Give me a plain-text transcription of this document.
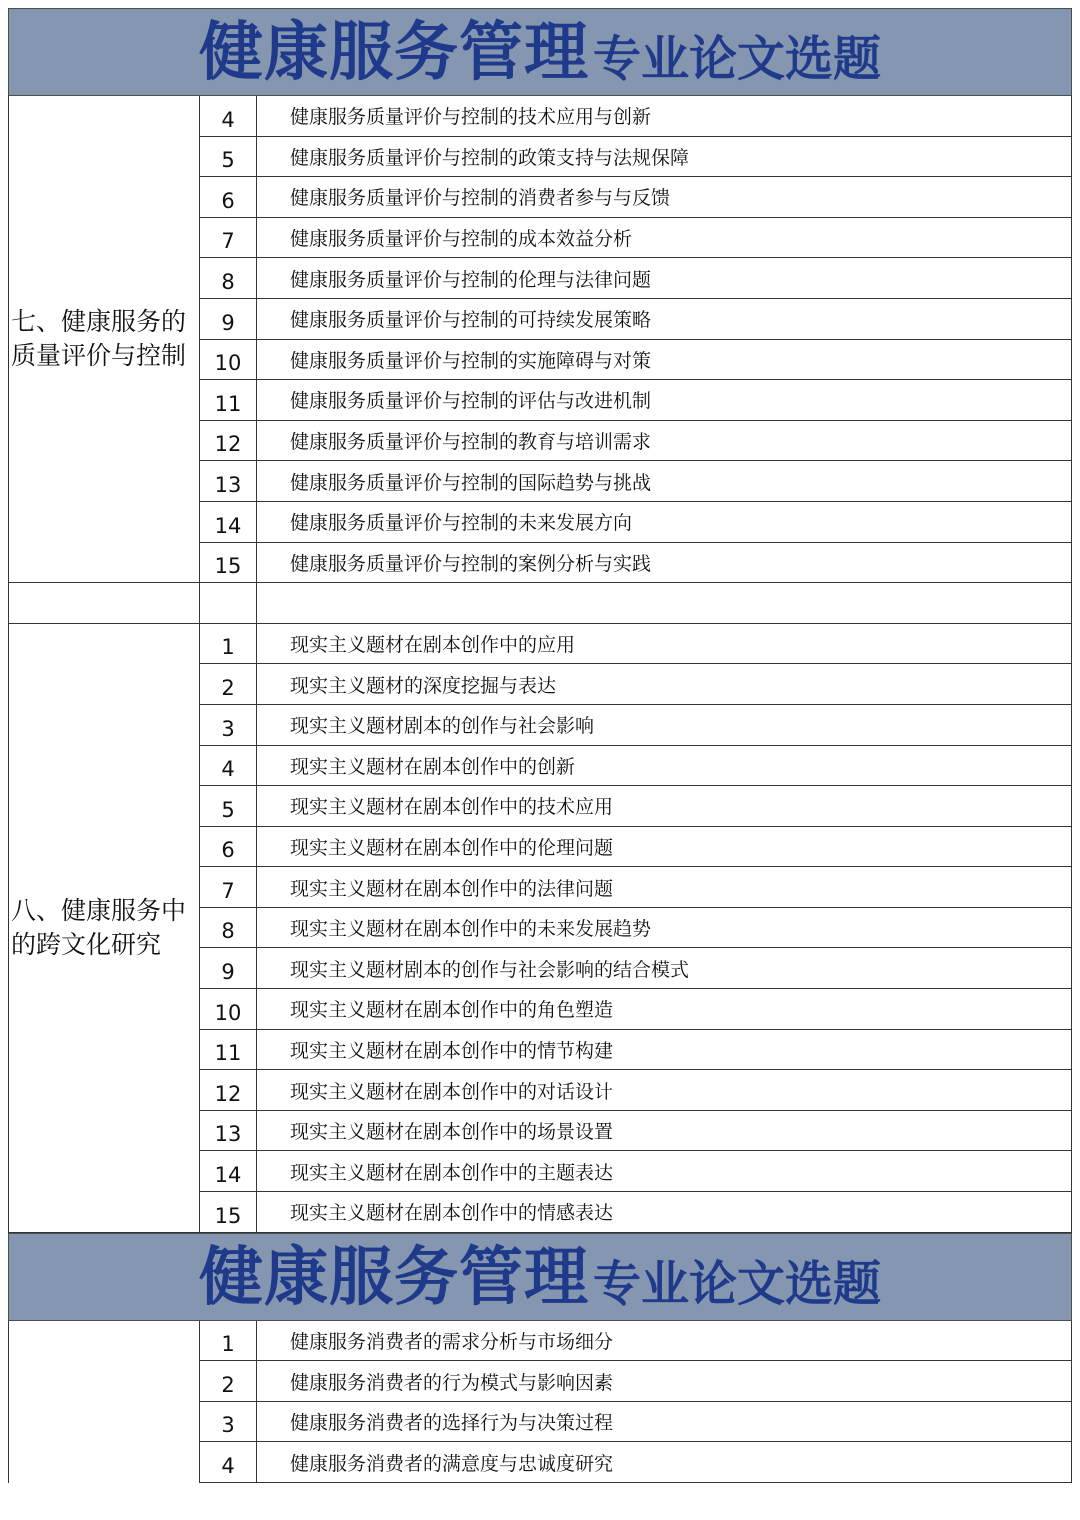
健康服务管理 专业论文选题
七、健康服务的质量评价与控制
4	健康服务质量评价与控制的技术应用与创新
5	健康服务质量评价与控制的政策支持与法规保障
6	健康服务质量评价与控制的消费者参与与反馈
7	健康服务质量评价与控制的成本效益分析
8	健康服务质量评价与控制的伦理与法律问题
9	健康服务质量评价与控制的可持续发展策略
10	健康服务质量评价与控制的实施障碍与对策
11	健康服务质量评价与控制的评估与改进机制
12	健康服务质量评价与控制的教育与培训需求
13	健康服务质量评价与控制的国际趋势与挑战
14	健康服务质量评价与控制的未来发展方向
15	健康服务质量评价与控制的案例分析与实践
八、健康服务中的跨文化研究
1	现实主义题材在剧本创作中的应用
2	现实主义题材的深度挖掘与表达
3	现实主义题材剧本的创作与社会影响
4	现实主义题材在剧本创作中的创新
5	现实主义题材在剧本创作中的技术应用
6	现实主义题材在剧本创作中的伦理问题
7	现实主义题材在剧本创作中的法律问题
8	现实主义题材在剧本创作中的未来发展趋势
9	现实主义题材剧本的创作与社会影响的结合模式
10	现实主义题材在剧本创作中的角色塑造
11	现实主义题材在剧本创作中的情节构建
12	现实主义题材在剧本创作中的对话设计
13	现实主义题材在剧本创作中的场景设置
14	现实主义题材在剧本创作中的主题表达
15	现实主义题材在剧本创作中的情感表达
健康服务管理 专业论文选题
1	健康服务消费者的需求分析与市场细分
2	健康服务消费者的行为模式与影响因素
3	健康服务消费者的选择行为与决策过程
4	健康服务消费者的满意度与忠诚度研究
